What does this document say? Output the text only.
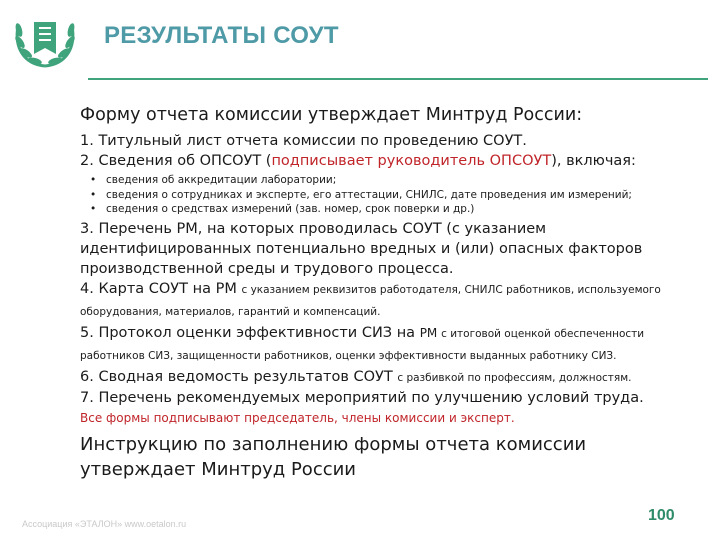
РЕЗУЛЬТАТЫ СОУТ

Форму отчета комиссии утверждает Минтруд России:

1. Титульный лист отчета комиссии по проведению СОУТ.

2. Сведения об ОПСОУТ (подписывает руководитель ОПСОУТ), включая:

• сведения об аккредитации лаборатории;
• сведения о сотрудниках и эксперте, его аттестации, СНИЛС, дате проведения им измерений;
• сведения о средствах измерений (зав. номер, срок поверки и др.)

3. Перечень РМ, на которых проводилась СОУТ (с указанием идентифицированных потенциально вредных и (или) опасных факторов производственной среды и трудового процесса.

4. Карта СОУТ на РМ с указанием реквизитов работодателя, СНИЛС работников, используемого оборудования, материалов, гарантий и компенсаций.

5. Протокол оценки эффективности СИЗ на РМ с итоговой оценкой обеспеченности работников СИЗ, защищенности работников, оценки эффективности выданных работнику СИЗ.

6. Сводная ведомость результатов СОУТ с разбивкой по профессиям, должностям.

7. Перечень рекомендуемых мероприятий по улучшению условий труда.

Все формы подписывают председатель, члены комиссии и эксперт.

Инструкцию по заполнению формы отчета комиссии утверждает Минтруд России

Ассоциация «ЭТАЛОН» www.oetalon.ru	100
